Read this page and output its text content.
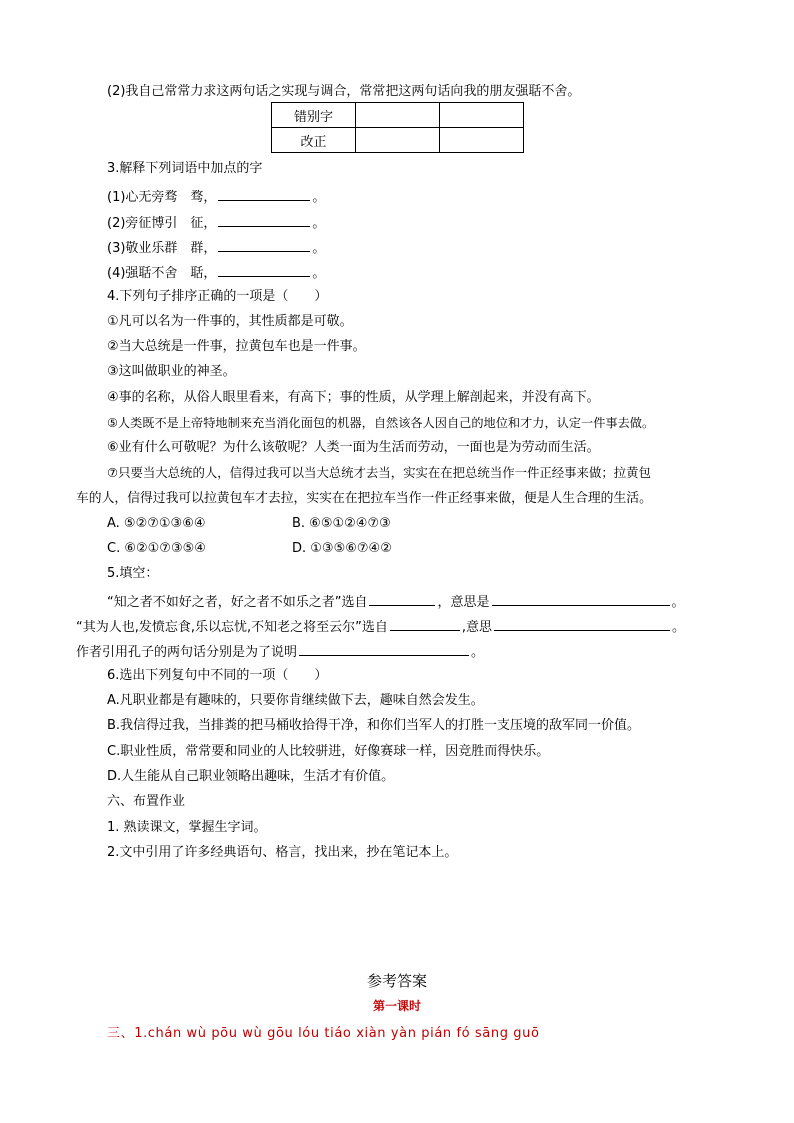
(2)我自己常常力求这两句话之实现与调合，常常把这两句话向我的朋友强聒不舍。
错别字		
改正		
3.解释下列词语中加点的字
(1)心无旁骛　骛，	。
(2)旁征博引　征，	。
(3)敬业乐群　群，	。
(4)强聒不舍　聒，	。
4.下列句子排序正确的一项是（　　）
①凡可以名为一件事的，其性质都是可敬。
②当大总统是一件事，拉黄包车也是一件事。
③这叫做职业的神圣。
④事的名称，从俗人眼里看来，有高下；事的性质，从学理上解剖起来，并没有高下。
⑤人类既不是上帝特地制来充当消化面包的机器，自然该各人因自己的地位和才力，认定一件事去做。
⑥业有什么可敬呢？为什么该敬呢？人类一面为生活而劳动，一面也是为劳动而生活。
⑦只要当大总统的人，信得过我可以当大总统才去当，实实在在把总统当作一件正经事来做；拉黄包
车的人，信得过我可以拉黄包车才去拉，实实在在把拉车当作一件正经事来做，便是人生合理的生活。
A. ⑤②⑦①③⑥④	B. ⑥⑤①②④⑦③
C. ⑥②①⑦③⑤④	D. ①③⑤⑥⑦④②
5.填空：
“知之者不如好之者，好之者不如乐之者”选自	，意思是	。
“其为人也,发愤忘食,乐以忘忧,不知老之将至云尔”选自	,意思	。
作者引用孔子的两句话分别是为了说明	。
6.选出下列复句中不同的一项（　　）
A.凡职业都是有趣味的，只要你肯继续做下去，趣味自然会发生。
B.我信得过我，当排粪的把马桶收拾得干净，和你们当军人的打胜一支压境的敌军同一价值。
C.职业性质，常常要和同业的人比较骈进，好像赛球一样，因竞胜而得快乐。
D.人生能从自己职业领略出趣味，生活才有价值。
六、布置作业
1. 熟读课文，掌握生字词。
2.文中引用了许多经典语句、格言，找出来，抄在笔记本上。
参考答案
第一课时
三、1.chán wù pōu wù gōu lóu tiáo xiàn yàn pián fó sāng guō
